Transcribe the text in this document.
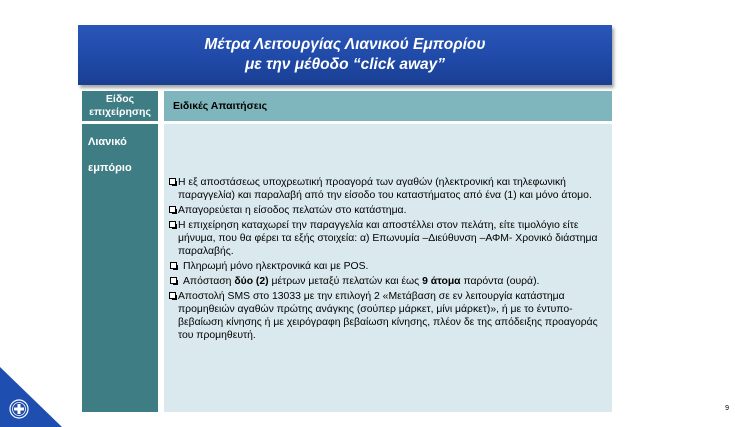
Μέτρα Λειτουργίας Λιανικού Εμπορίου
με την μέθοδο “click away”
Είδος
επιχείρησης Ειδικές Απαιτήσεις
Λιανικό
εμπόριο
Η εξ αποστάσεως υποχρεωτική προαγορά των αγαθών (ηλεκτρονική και τηλεφωνική παραγγελία) και παραλαβή από την είσοδο του καταστήματος από ένα (1) και μόνο άτομο.
Απαγορεύεται η είσοδος πελατών στο κατάστημα.
Η επιχείρηση καταχωρεί την παραγγελία και αποστέλλει στον πελάτη, είτε τιμολόγιο είτε μήνυμα, που θα φέρει τα εξής στοιχεία: α) Επωνυμία –Διεύθυνση –ΑΦΜ- Χρονικό διάστημα παραλαβής.
Πληρωμή μόνο ηλεκτρονικά και με POS.
Απόσταση δύο (2) μέτρων μεταξύ πελατών και έως 9 άτομα παρόντα (ουρά).
Αποστολή SMS στο 13033 με την επιλογή 2 «Μετάβαση σε εν λειτουργία κατάστημα προμηθειών αγαθών πρώτης ανάγκης (σούπερ μάρκετ, μίνι μάρκετ)», ή με το έντυπο- βεβαίωση κίνησης ή με χειρόγραφη βεβαίωση κίνησης, πλέον δε της απόδειξης προαγοράς του προμηθευτή.
9
